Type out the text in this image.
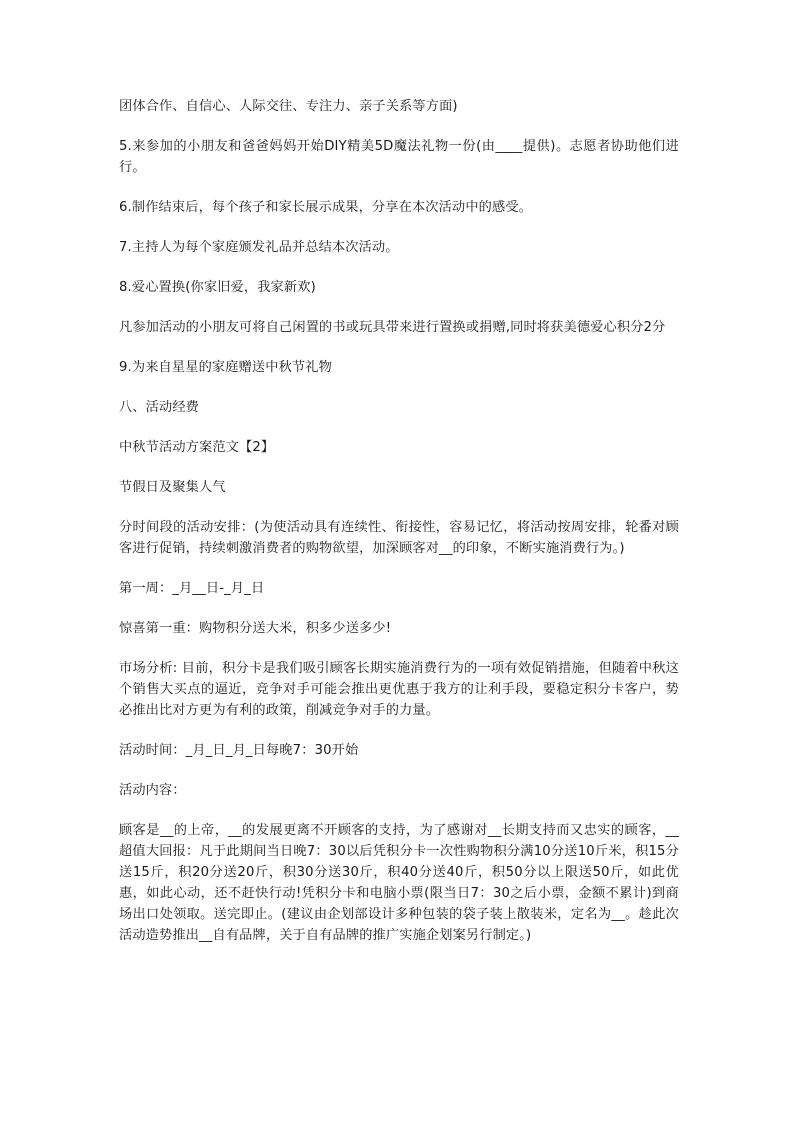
团体合作、自信心、人际交往、专注力、亲子关系等方面)

5.来参加的小朋友和爸爸妈妈开始DIY精美5D魔法礼物一份(由____提供)。志愿者协助他们进行。

6.制作结束后，每个孩子和家长展示成果，分享在本次活动中的感受。

7.主持人为每个家庭颁发礼品并总结本次活动。

8.爱心置换(你家旧爱，我家新欢)

凡参加活动的小朋友可将自己闲置的书或玩具带来进行置换或捐赠,同时将获美德爱心积分2分

9.为来自星星的家庭赠送中秋节礼物

八、活动经费

中秋节活动方案范文【2】

节假日及聚集人气

分时间段的活动安排：(为使活动具有连续性、衔接性，容易记忆，将活动按周安排，轮番对顾客进行促销，持续刺激消费者的购物欲望，加深顾客对__的印象，不断实施消费行为。)

第一周：_月__日-_月_日

惊喜第一重：购物积分送大米，积多少送多少!

市场分析: 目前，积分卡是我们吸引顾客长期实施消费行为的一项有效促销措施，但随着中秋这个销售大买点的逼近，竞争对手可能会推出更优惠于我方的让利手段，要稳定积分卡客户，势必推出比对方更为有利的政策，削减竞争对手的力量。

活动时间：_月_日_月_日每晚7：30开始

活动内容：

顾客是__的上帝，__的发展更离不开顾客的支持，为了感谢对__长期支持而又忠实的顾客，__超值大回报：凡于此期间当日晚7：30以后凭积分卡一次性购物积分满10分送10斤米，积15分送15斤，积20分送20斤，积30分送30斤，积40分送40斤，积50分以上限送50斤，如此优惠，如此心动，还不赶快行动!凭积分卡和电脑小票(限当日7：30之后小票，金额不累计)到商场出口处领取。送完即止。(建议由企划部设计多种包装的袋子装上散装米，定名为__。趁此次活动造势推出__自有品牌，关于自有品牌的推广实施企划案另行制定。)
